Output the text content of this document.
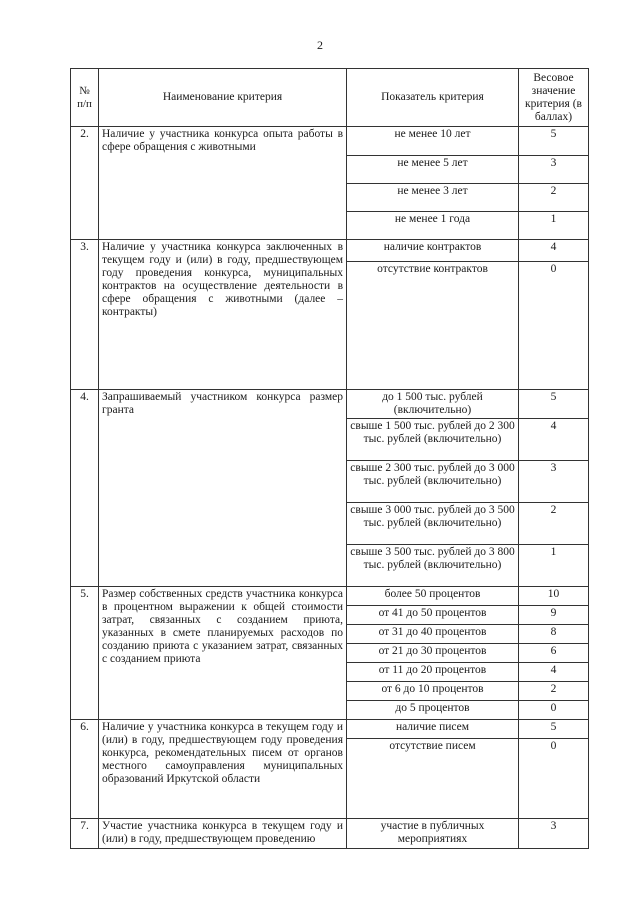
2
№ п/п	Наименование критерия	Показатель критерия	Весовое значение критерия (в баллах)
2.	Наличие у участника конкурса опыта работы в сфере обращения с животными	не менее 10 лет	5
		не менее 5 лет	3
		не менее 3 лет	2
		не менее 1 года	1
3.	Наличие у участника конкурса заключенных в текущем году и (или) в году, предшествующем году проведения конкурса, муниципальных контрактов на осуществление деятельности в сфере обращения с животными (далее – контракты)	наличие контрактов	4
		отсутствие контрактов	0
4.	Запрашиваемый участником конкурса размер гранта	до 1 500 тыс. рублей (включительно)	5
		свыше 1 500 тыс. рублей до 2 300 тыс. рублей (включительно)	4
		свыше 2 300 тыс. рублей до 3 000 тыс. рублей (включительно)	3
		свыше 3 000 тыс. рублей до 3 500 тыс. рублей (включительно)	2
		свыше 3 500 тыс. рублей до 3 800 тыс. рублей (включительно)	1
5.	Размер собственных средств участника конкурса в процентном выражении к общей стоимости затрат, связанных с созданием приюта, указанных в смете планируемых расходов по созданию приюта с указанием затрат, связанных с созданием приюта	более 50 процентов	10
		от 41 до 50 процентов	9
		от 31 до 40 процентов	8
		от 21 до 30 процентов	6
		от 11 до 20 процентов	4
		от 6 до 10 процентов	2
		до 5 процентов	0
6.	Наличие у участника конкурса в текущем году и (или) в году, предшествующем году проведения конкурса, рекомендательных писем от органов местного самоуправления муниципальных образований Иркутской области	наличие писем	5
		отсутствие писем	0
7.	Участие участника конкурса в текущем году и (или) в году, предшествующем проведению	участие в публичных мероприятиях	3
